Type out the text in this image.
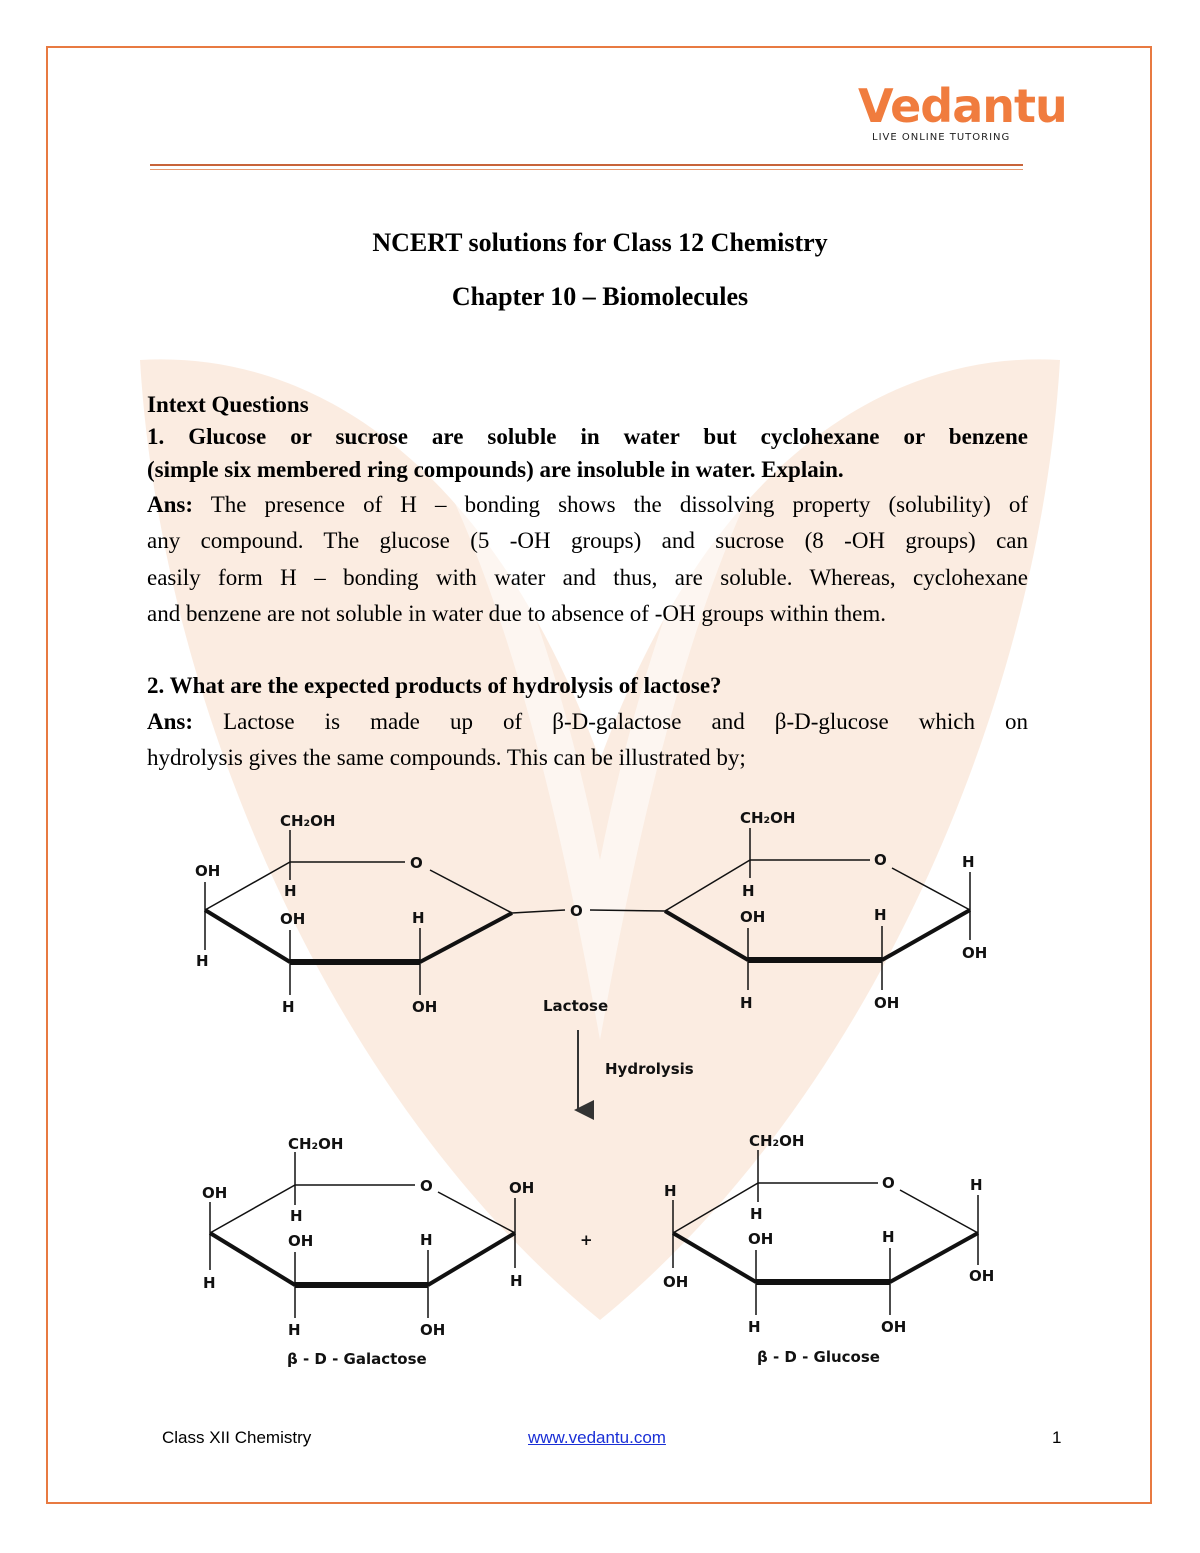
Vedantu
LIVE ONLINE TUTORING
NCERT solutions for Class 12 Chemistry
Chapter 10 – Biomolecules
Intext Questions
1. Glucose or sucrose are soluble in water but cyclohexane or benzene
(simple six membered ring compounds) are insoluble in water. Explain.
Ans: The presence of H – bonding shows the dissolving property (solubility) of
any compound. The glucose (5 -OH groups) and sucrose (8 -OH groups) can
easily form H – bonding with water and thus, are soluble. Whereas, cyclohexane
and benzene are not soluble in water due to absence of -OH groups within them.
2. What are the expected products of hydrolysis of lactose?
Ans: Lactose is made up of β-D-galactose and β-D-glucose which on
hydrolysis gives the same compounds. This can be illustrated by;
CH₂OH
OH
H
O
OH	H
H
H	OH
O
CH₂OH
O	H
H
OH	H
OH
H	OH
Lactose
Hydrolysis
CH₂OH
OH	O	OH
H
OH	H
H	H
H	OH
β - D - Galactose
+
CH₂OH
H	O	H
H
OH	H
OH	OH
H	OH
β - D - Glucose
Class XII Chemistry	www.vedantu.com	1
